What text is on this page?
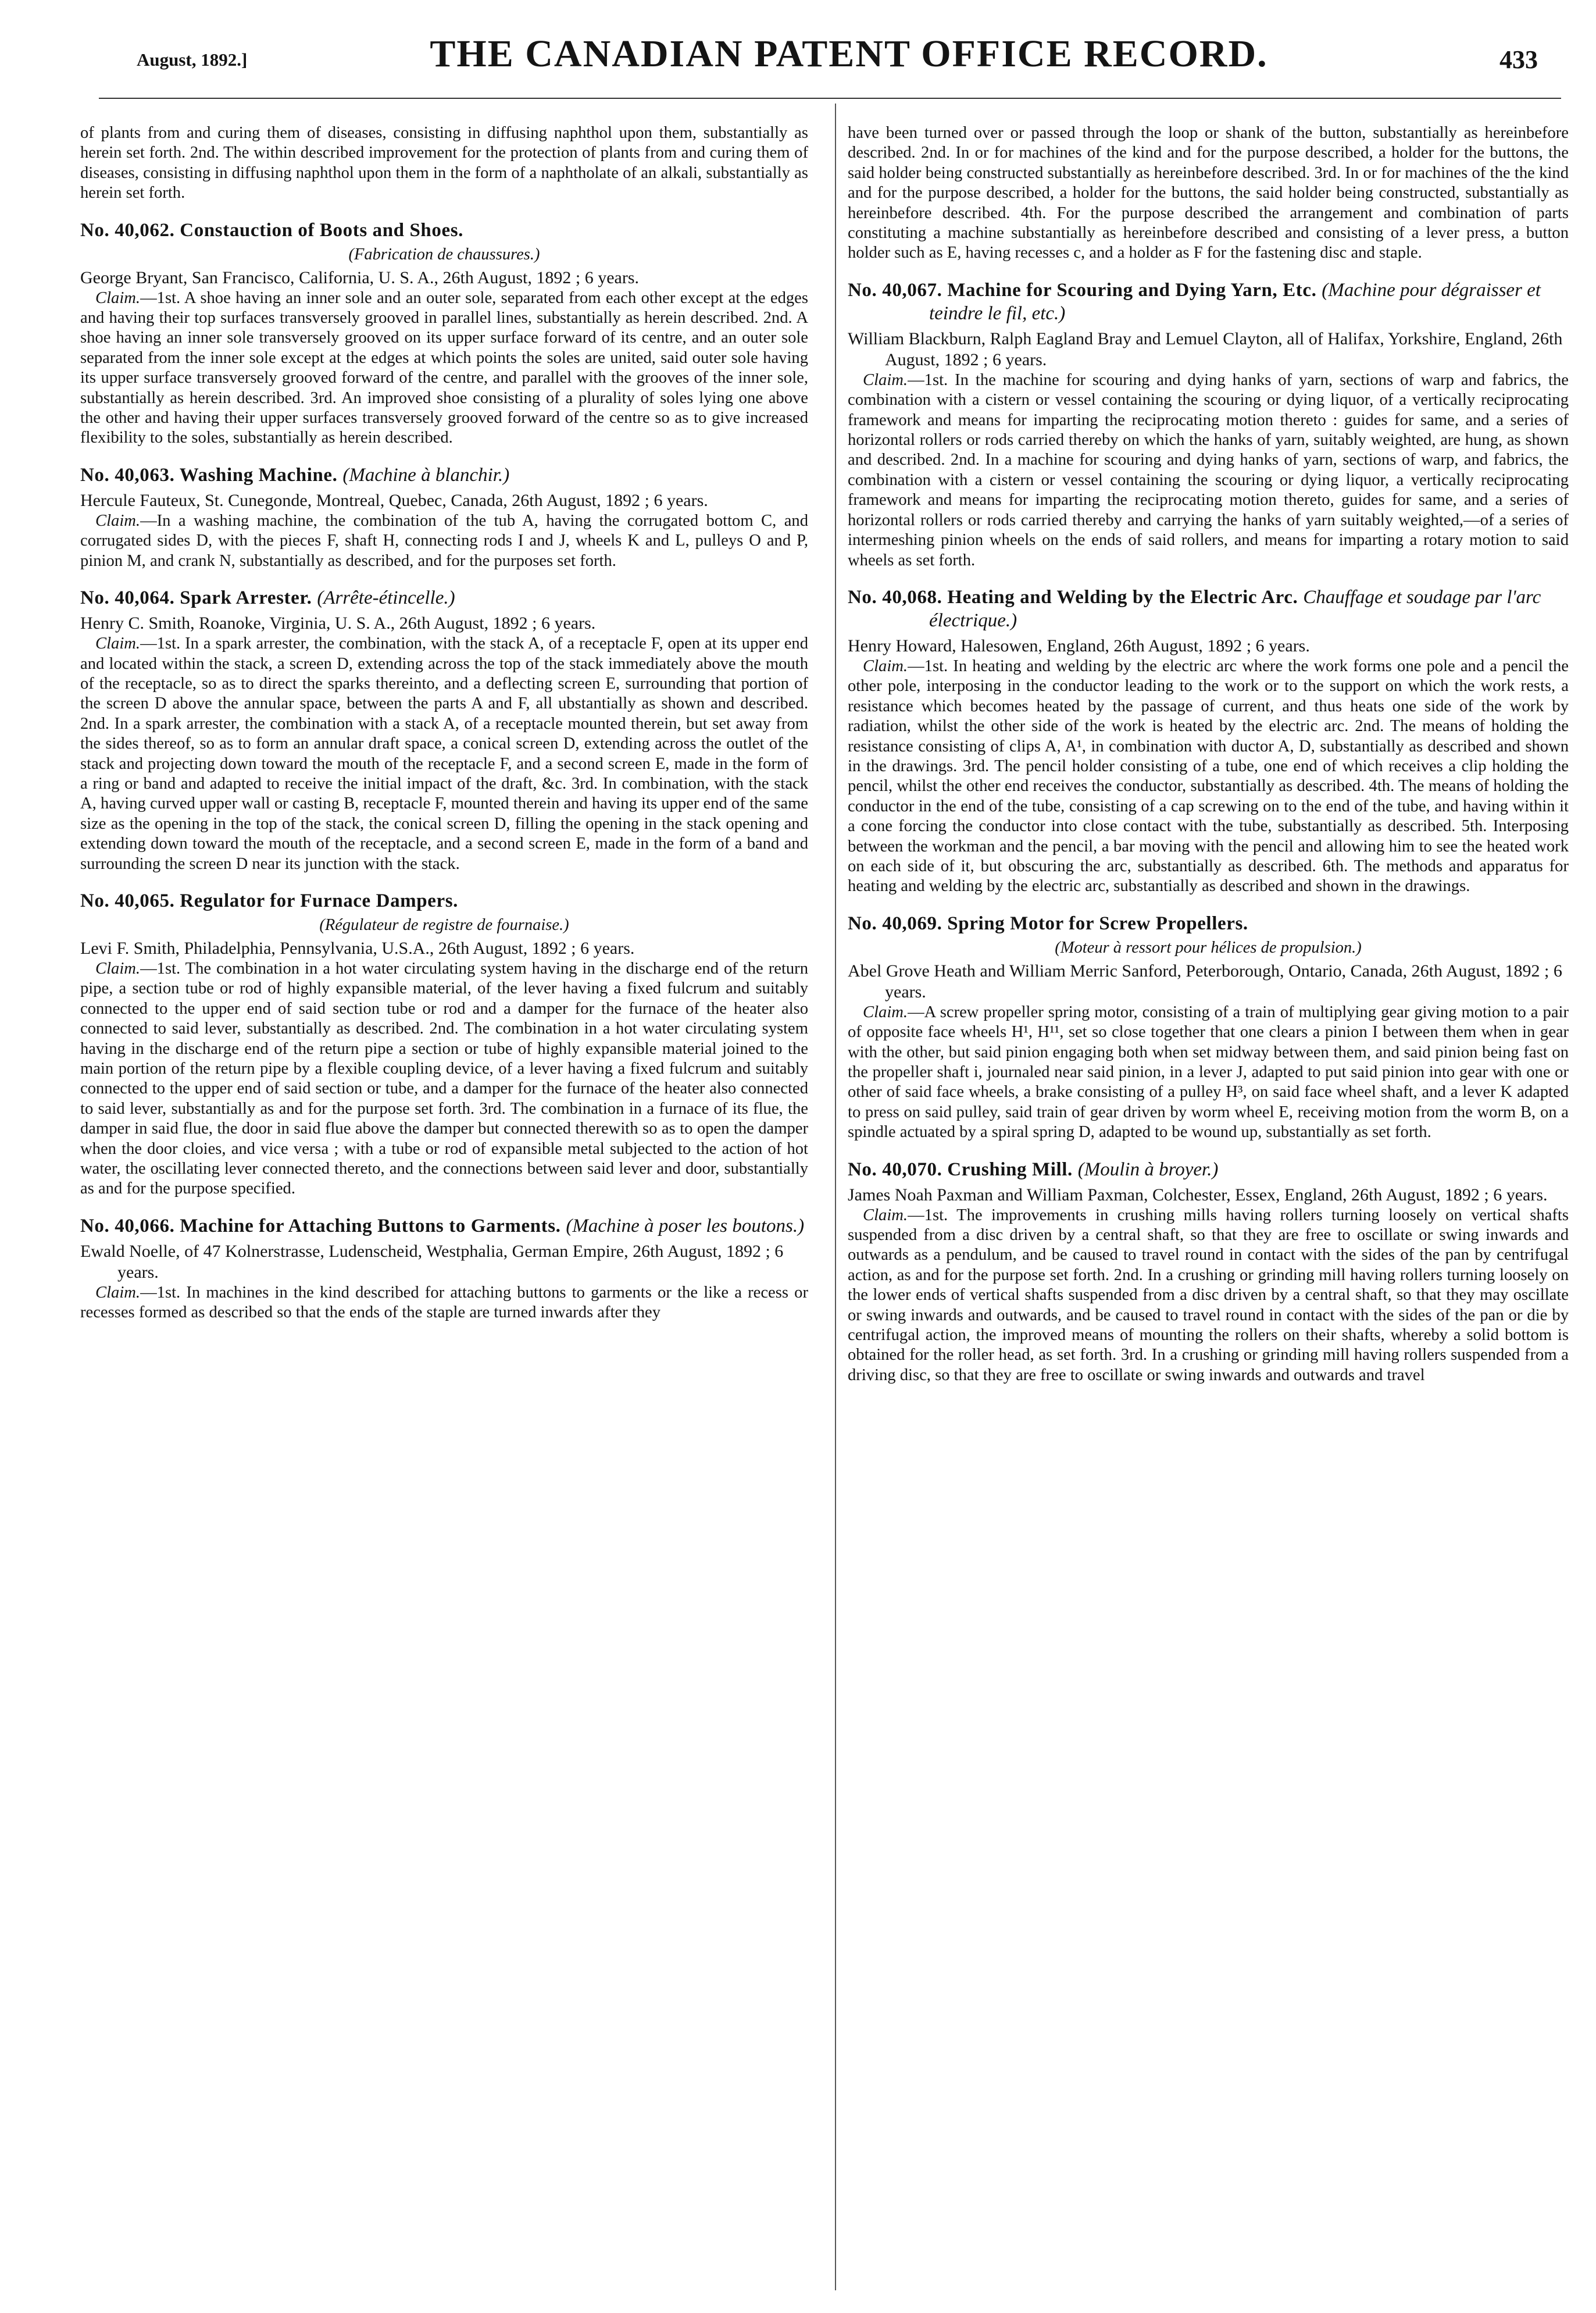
August, 1892.]	THE CANADIAN PATENT OFFICE RECORD.	433

of plants from and curing them of diseases, consisting in diffusing naphthol upon them, substantially as herein set forth. 2nd. The within described improvement for the protection of plants from and curing them of diseases, consisting in diffusing naphthol upon them in the form of a naphtholate of an alkali, substantially as herein set forth.

No. 40,062. Constauction of Boots and Shoes.
(Fabrication de chaussures.)

George Bryant, San Francisco, California, U. S. A., 26th August, 1892 ; 6 years.

Claim.—1st. A shoe having an inner sole and an outer sole, separated from each other except at the edges and having their top surfaces transversely grooved in parallel lines, substantially as herein described. 2nd. A shoe having an inner sole transversely grooved on its upper surface forward of its centre, and an outer sole separated from the inner sole except at the edges at which points the soles are united, said outer sole having its upper surface transversely grooved forward of the centre, and parallel with the grooves of the inner sole, substantially as herein described. 3rd. An improved shoe consisting of a plurality of soles lying one above the other and having their upper surfaces transversely grooved forward of the centre so as to give increased flexibility to the soles, substantially as herein described.

No. 40,063. Washing Machine. (Machine à blanchir.)

Hercule Fauteux, St. Cunegonde, Montreal, Quebec, Canada, 26th August, 1892 ; 6 years.

Claim.—In a washing machine, the combination of the tub A, having the corrugated bottom C, and corrugated sides D, with the pieces F, shaft H, connecting rods I and J, wheels K and L, pulleys O and P, pinion M, and crank N, substantially as described, and for the purposes set forth.

No. 40,064. Spark Arrester. (Arrête-étincelle.)

Henry C. Smith, Roanoke, Virginia, U. S. A., 26th August, 1892 ; 6 years.

Claim.—1st. In a spark arrester, the combination, with the stack A, of a receptacle F, open at its upper end and located within the stack, a screen D, extending across the top of the stack immediately above the mouth of the receptacle, so as to direct the sparks thereinto, and a deflecting screen E, surrounding that portion of the screen D above the annular space, between the parts A and F, all ubstantially as shown and described. 2nd. In a spark arrester, the combination with a stack A, of a receptacle mounted therein, but set away from the sides thereof, so as to form an annular draft space, a conical screen D, extending across the outlet of the stack and projecting down toward the mouth of the receptacle F, and a second screen E, made in the form of a ring or band and adapted to receive the initial impact of the draft, &c. 3rd. In combination, with the stack A, having curved upper wall or casting B, receptacle F, mounted therein and having its upper end of the same size as the opening in the top of the stack, the conical screen D, filling the opening in the stack opening and extending down toward the mouth of the receptacle, and a second screen E, made in the form of a band and surrounding the screen D near its junction with the stack.

No. 40,065. Regulator for Furnace Dampers.
(Régulateur de registre de fournaise.)

Levi F. Smith, Philadelphia, Pennsylvania, U.S.A., 26th August, 1892 ; 6 years.

Claim.—1st. The combination in a hot water circulating system having in the discharge end of the return pipe, a section tube or rod of highly expansible material, of the lever having a fixed fulcrum and suitably connected to the upper end of said section tube or rod and a damper for the furnace of the heater also connected to said lever, substantially as described. 2nd. The combination in a hot water circulating system having in the discharge end of the return pipe a section or tube of highly expansible material joined to the main portion of the return pipe by a flexible coupling device, of a lever having a fixed fulcrum and suitably connected to the upper end of said section or tube, and a damper for the furnace of the heater also connected to said lever, substantially as and for the purpose set forth. 3rd. The combination in a furnace of its flue, the damper in said flue, the door in said flue above the damper but connected therewith so as to open the damper when the door cloies, and vice versa ; with a tube or rod of expansible metal subjected to the action of hot water, the oscillating lever connected thereto, and the connections between said lever and door, substantially as and for the purpose specified.

No. 40,066. Machine for Attaching Buttons to Garments. (Machine à poser les boutons.)

Ewald Noelle, of 47 Kolnerstrasse, Ludenscheid, Westphalia, German Empire, 26th August, 1892 ; 6 years.

Claim.—1st. In machines in the kind described for attaching buttons to garments or the like a recess or recesses formed as described so that the ends of the staple are turned inwards after they

have been turned over or passed through the loop or shank of the button, substantially as hereinbefore described. 2nd. In or for machines of the kind and for the purpose described, a holder for the buttons, the said holder being constructed substantially as hereinbefore described. 3rd. In or for machines of the the kind and for the purpose described, a holder for the buttons, the said holder being constructed, substantially as hereinbefore described. 4th. For the purpose described the arrangement and combination of parts constituting a machine substantially as hereinbefore described and consisting of a lever press, a button holder such as E, having recesses c, and a holder as F for the fastening disc and staple.

No. 40,067. Machine for Scouring and Dying Yarn, Etc. (Machine pour dégraisser et teindre le fil, etc.)

William Blackburn, Ralph Eagland Bray and Lemuel Clayton, all of Halifax, Yorkshire, England, 26th August, 1892 ; 6 years.

Claim.—1st. In the machine for scouring and dying hanks of yarn, sections of warp and fabrics, the combination with a cistern or vessel containing the scouring or dying liquor, of a vertically reciprocating framework and means for imparting the reciprocating motion thereto : guides for same, and a series of horizontal rollers or rods carried thereby on which the hanks of yarn, suitably weighted, are hung, as shown and described. 2nd. In a machine for scouring and dying hanks of yarn, sections of warp, and fabrics, the combination with a cistern or vessel containing the scouring or dying liquor, a vertically reciprocating framework and means for imparting the reciprocating motion thereto, guides for same, and a series of horizontal rollers or rods carried thereby and carrying the hanks of yarn suitably weighted,—of a series of intermeshing pinion wheels on the ends of said rollers, and means for imparting a rotary motion to said wheels as set forth.

No. 40,068. Heating and Welding by the Electric Arc. Chauffage et soudage par l'arc électrique.)

Henry Howard, Halesowen, England, 26th August, 1892 ; 6 years.

Claim.—1st. In heating and welding by the electric arc where the work forms one pole and a pencil the other pole, interposing in the conductor leading to the work or to the support on which the work rests, a resistance which becomes heated by the passage of current, and thus heats one side of the work by radiation, whilst the other side of the work is heated by the electric arc. 2nd. The means of holding the resistance consisting of clips A, A¹, in combination with ductor A, D, substantially as described and shown in the drawings. 3rd. The pencil holder consisting of a tube, one end of which receives a clip holding the pencil, whilst the other end receives the conductor, substantially as described. 4th. The means of holding the conductor in the end of the tube, consisting of a cap screwing on to the end of the tube, and having within it a cone forcing the conductor into close contact with the tube, substantially as described. 5th. Interposing between the workman and the pencil, a bar moving with the pencil and allowing him to see the heated work on each side of it, but obscuring the arc, substantially as described. 6th. The methods and apparatus for heating and welding by the electric arc, substantially as described and shown in the drawings.

No. 40,069. Spring Motor for Screw Propellers.
(Moteur à ressort pour hélices de propulsion.)

Abel Grove Heath and William Merric Sanford, Peterborough, Ontario, Canada, 26th August, 1892 ; 6 years.

Claim.—A screw propeller spring motor, consisting of a train of multiplying gear giving motion to a pair of opposite face wheels H¹, H¹¹, set so close together that one clears a pinion I between them when in gear with the other, but said pinion engaging both when set midway between them, and said pinion being fast on the propeller shaft i, journaled near said pinion, in a lever J, adapted to put said pinion into gear with one or other of said face wheels, a brake consisting of a pulley H³, on said face wheel shaft, and a lever K adapted to press on said pulley, said train of gear driven by worm wheel E, receiving motion from the worm B, on a spindle actuated by a spiral spring D, adapted to be wound up, substantially as set forth.

No. 40,070. Crushing Mill. (Moulin à broyer.)

James Noah Paxman and William Paxman, Colchester, Essex, England, 26th August, 1892 ; 6 years.

Claim.—1st. The improvements in crushing mills having rollers turning loosely on vertical shafts suspended from a disc driven by a central shaft, so that they are free to oscillate or swing inwards and outwards as a pendulum, and be caused to travel round in contact with the sides of the pan by centrifugal action, as and for the purpose set forth. 2nd. In a crushing or grinding mill having rollers turning loosely on the lower ends of vertical shafts suspended from a disc driven by a central shaft, so that they may oscillate or swing inwards and outwards, and be caused to travel round in contact with the sides of the pan or die by centrifugal action, the improved means of mounting the rollers on their shafts, whereby a solid bottom is obtained for the roller head, as set forth. 3rd. In a crushing or grinding mill having rollers suspended from a driving disc, so that they are free to oscillate or swing inwards and outwards and travel
